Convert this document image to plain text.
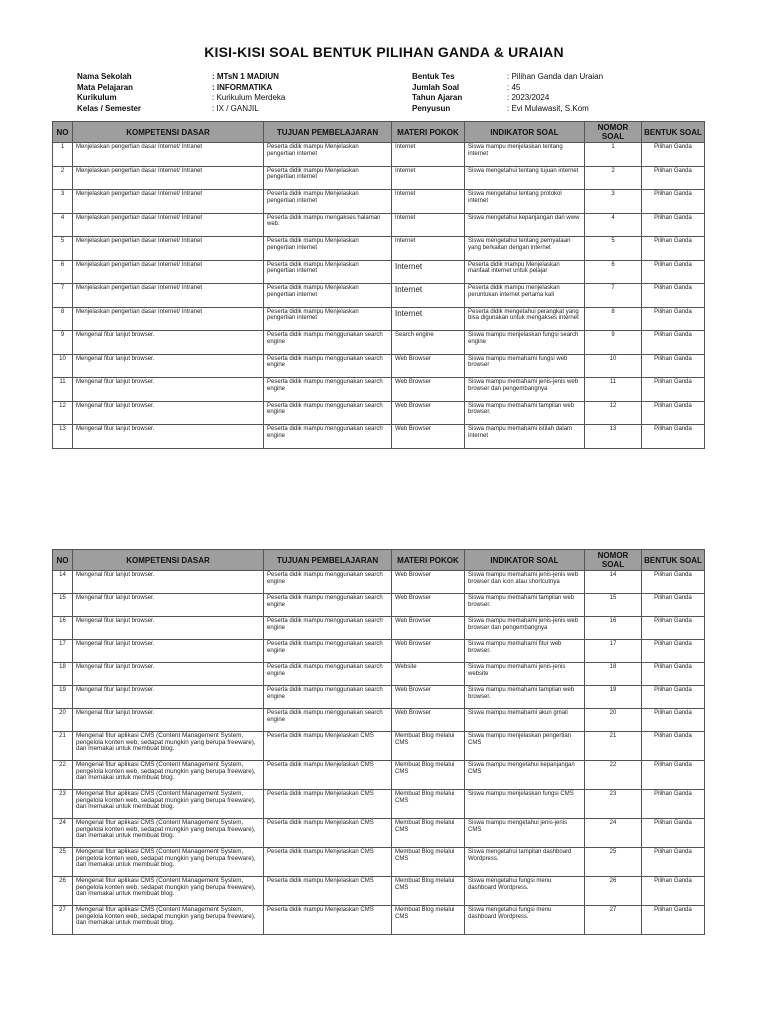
KISI-KISI SOAL BENTUK PILIHAN GANDA & URAIAN
Nama Sekolah	: MTsN 1 MADIUN
Mata Pelajaran	: INFORMATIKA
Kurikulum	: Kurikulum Merdeka
Kelas / Semester	: IX / GANJIL
Bentuk Tes	: Pilihan Ganda dan Uraian
Jumlah Soal	: 45
Tahun Ajaran	: 2023/2024
Penyusun	: Evi Mulawasit, S.Kom
NO	KOMPETENSI DASAR	TUJUAN PEMBELAJARAN	MATERI POKOK	INDIKATOR SOAL	NOMOR SOAL	BENTUK SOAL
1	Menjelaskan pengertian dasar Internet/ Intranet	Peserta didik mampu Menjelaskan pengertian internet	Internet	Siswa mampu menjelaskan tentang internet	1	Pilihan Ganda
2	Menjelaskan pengertian dasar Internet/ Intranet	Peserta didik mampu Menjelaskan pengertian internet	Internet	Siswa mengetahui tentang tujuan internet	2	Pilihan Ganda
3	Menjelaskan pengertian dasar Internet/ Intranet	Peserta didik mampu Menjelaskan pengertian internet	Internet	Siswa mengetahui tentang protokol internet	3	Pilihan Ganda
4	Menjelaskan pengertian dasar Internet/ Intranet	Peserta didik mampu mengakses halaman web.	Internet	Siswa mengetahui kepanjangan dari www	4	Pilihan Ganda
5	Menjelaskan pengertian dasar Internet/ Intranet	Peserta didik mampu Menjelaskan pengertian internet	Internet	Siswa mengetahui tentang pernyataan yang berkaitan dengan internet	5	Pilihan Ganda
6	Menjelaskan pengertian dasar Internet/ Intranet	Peserta didik mampu Menjelaskan pengertian internet	Internet	Peserta didik mampu Menjelaskan manfaat internet untuk pelajar	6	Pilihan Ganda
7	Menjelaskan pengertian dasar Internet/ Intranet	Peserta didik mampu Menjelaskan pengertian internet	Internet	Peserta didik mampu menjelaskan peruntukan internet pertama kali	7	Pilihan Ganda
8	Menjelaskan pengertian dasar Internet/ Intranet	Peserta didik mampu Menjelaskan pengertian internet	Internet	Peserta didik mengetahui perangkat yang bisa digunakan untuk mengakses internet	8	Pilihan Ganda
9	Mengenal fitur lanjut browser.	Peserta didik mampu menggunakan search engine	Search engine	Siswa mampu menjelaskan fungsi search engine	9	Pilihan Ganda
10	Mengenal fitur lanjut browser.	Peserta didik mampu menggunakan search engine	Web Browser	Siswa mampu memahami fungsi web browser	10	Pilihan Ganda
11	Mengenal fitur lanjut browser.	Peserta didik mampu menggunakan search engine	Web Browser	Siswa mampu memahami jenis-jenis web browser dan pengembangnya	11	Pilihan Ganda
12	Mengenal fitur lanjut browser.	Peserta didik mampu menggunakan search engine	Web Browser	Siswa mampu memahami tampilan web browser.	12	Pilihan Ganda
13	Mengenal fitur lanjut browser.	Peserta didik mampu menggunakan search engine	Web Browser	Siswa mampu memahami istilah dalam internet	13	Pilihan Ganda
NO	KOMPETENSI DASAR	TUJUAN PEMBELAJARAN	MATERI POKOK	INDIKATOR SOAL	NOMOR SOAL	BENTUK SOAL
14	Mengenal fitur lanjut browser.	Peserta didik mampu menggunakan search engine	Web Browser	Siswa mampu memahami jenis-jenis web browser dan icon atau shortcutnya	14	Pilihan Ganda
15	Mengenal fitur lanjut browser.	Peserta didik mampu menggunakan search engine	Web Browser	Siswa mampu memahami tampilan web browser.	15	Pilihan Ganda
16	Mengenal fitur lanjut browser.	Peserta didik mampu menggunakan search engine	Web Browser	Siswa mampu memahami jenis-jenis web browser dan pengembangnya	16	Pilihan Ganda
17	Mengenal fitur lanjut browser.	Peserta didik mampu menggunakan search engine	Web Browser	Siswa mampu memahami fitur web browser.	17	Pilihan Ganda
18	Mengenal fitur lanjut browser.	Peserta didik mampu menggunakan search engine	Website	Siswa mampu memahami jenis-jenis website	18	Pilihan Ganda
19	Mengenal fitur lanjut browser.	Peserta didik mampu menggunakan search engine	Web Browser	Siswa mampu memahami tampilan web browser.	19	Pilihan Ganda
20	Mengenal fitur lanjut browser.	Peserta didik mampu menggunakan search engine	Web Browser	Siswa mampu memahami akun gmail	20	Pilihan Ganda
21	Mengenal fitur aplikasi CMS (Content Management System, pengelola konten web, sedapat mungkin yang berupa freeware), dan memakai untuk membuat blog.	Peserta didik mampu Menjelaskan CMS	Membuat Blog melalui CMS	Siswa mampu menjelaskan pengertian CMS	21	Pilihan Ganda
22	Mengenal fitur aplikasi CMS (Content Management System, pengelola konten web, sedapat mungkin yang berupa freeware), dan memakai untuk membuat blog.	Peserta didik mampu Menjelaskan CMS	Membuat Blog melalui CMS	Siswa mampu mengetahui kepanjangan CMS	22	Pilihan Ganda
23	Mengenal fitur aplikasi CMS (Content Management System, pengelola konten web, sedapat mungkin yang berupa freeware), dan memakai untuk membuat blog.	Peserta didik mampu Menjelaskan CMS	Membuat Blog melalui CMS	Siswa mampu menjelaskan fungsi CMS	23	Pilihan Ganda
24	Mengenal fitur aplikasi CMS (Content Management System, pengelola konten web, sedapat mungkin yang berupa freeware), dan memakai untuk membuat blog.	Peserta didik mampu Menjelaskan CMS	Membuat Blog melalui CMS	Siswa mampu mengetahui jenis-jenis CMS	24	Pilihan Ganda
25	Mengenal fitur aplikasi CMS (Content Management System, pengelola konten web, sedapat mungkin yang berupa freeware), dan memakai untuk membuat blog.	Peserta didik mampu Menjelaskan CMS	Membuat Blog melalui CMS	Siswa mengetahui tampilan dashboard Wordpress.	25	Pilihan Ganda
26	Mengenal fitur aplikasi CMS (Content Management System, pengelola konten web, sedapat mungkin yang berupa freeware), dan memakai untuk membuat blog.	Peserta didik mampu Menjelaskan CMS	Membuat Blog melalui CMS	Siswa mengetahui fungsi menu dashboard Wordpress.	26	Pilihan Ganda
27	Mengenal fitur aplikasi CMS (Content Management System, pengelola konten web, sedapat mungkin yang berupa freeware), dan memakai untuk membuat blog.	Peserta didik mampu Menjelaskan CMS	Membuat Blog melalui CMS	Siswa mengetahui fungsi menu dashboard Wordpress.	27	Pilihan Ganda
